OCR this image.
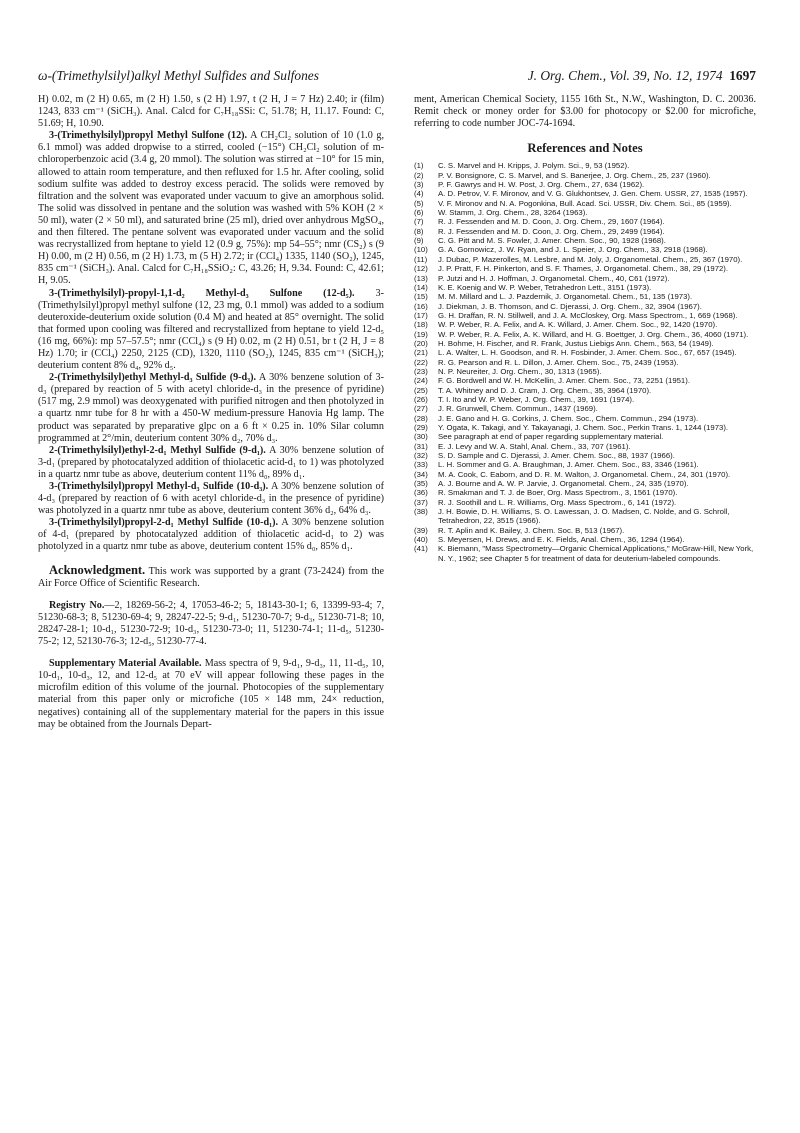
ω-(Trimethylsilyl)alkyl Methyl Sulfides and Sulfones	J. Org. Chem., Vol. 39, No. 12, 1974 1697

H) 0.02, m (2 H) 0.65, m (2 H) 1.50, s (2 H) 1.97, t (2 H, J = 7 Hz) 2.40; ir (film) 1243, 833 cm⁻¹ (SiCH₃). Anal. Calcd for C₇H₁₈SSi: C, 51.78; H, 11.17. Found: C, 51.69; H, 10.90.

3-(Trimethylsilyl)propyl Methyl Sulfone (12). A CH₂Cl₂ solution of 10 (1.0 g, 6.1 mmol) was added dropwise to a stirred, cooled (−15°) CH₂Cl₂ solution of m-chloroperbenzoic acid (3.4 g, 20 mmol). The solution was stirred at −10° for 15 min, allowed to attain room temperature, and then refluxed for 1.5 hr. After cooling, solid sodium sulfite was added to destroy excess peracid. The solids were removed by filtration and the solvent was evaporated under vacuum to give an amorphous solid. The solid was dissolved in pentane and the solution was washed with 5% KOH (2 × 50 ml), water (2 × 50 ml), and saturated brine (25 ml), dried over anhydrous MgSO₄, and then filtered. The pentane solvent was evaporated under vacuum and the solid was recrystallized from heptane to yield 12 (0.9 g, 75%): mp 54–55°; nmr (CS₂) s (9 H) 0.00, m (2 H) 0.56, m (2 H) 1.73, m (5 H) 2.72; ir (CCl₄) 1335, 1140 (SO₂), 1245, 835 cm⁻¹ (SiCH₃). Anal. Calcd for C₇H₁₈SSiO₂: C, 43.26; H, 9.34. Found: C, 42.61; H, 9.05.

3-(Trimethylsilyl)-propyl-1,1-d₂ Methyl-d₃ Sulfone (12-d₅). 3-(Trimethylsilyl)propyl methyl sulfone (12, 23 mg, 0.1 mmol) was added to a sodium deuteroxide-deuterium oxide solution (0.4 M) and heated at 85° overnight. The solid that formed upon cooling was filtered and recrystallized from heptane to yield 12-d₅ (16 mg, 66%): mp 57–57.5°; nmr (CCl₄) s (9 H) 0.02, m (2 H) 0.51, br t (2 H, J = 8 Hz) 1.70; ir (CCl₄) 2250, 2125 (CD), 1320, 1110 (SO₂), 1245, 835 cm⁻¹ (SiCH₃); deuterium content 8% d₄, 92% d₅.

2-(Trimethylsilyl)ethyl Methyl-d₃ Sulfide (9-d₃). A 30% benzene solution of 3-d₃ (prepared by reaction of 5 with acetyl chloride-d₃ in the presence of pyridine) (517 mg, 2.9 mmol) was deoxygenated with purified nitrogen and then photolyzed in a quartz nmr tube for 8 hr with a 450-W medium-pressure Hanovia Hg lamp. The product was separated by preparative glpc on a 6 ft × 0.25 in. 10% Silar column programmed at 2°/min, deuterium content 30% d₂, 70% d₃.

2-(Trimethylsilyl)ethyl-2-d₁ Methyl Sulfide (9-d₁). A 30% benzene solution of 3-d₁ (prepared by photocatalyzed addition of thiolacetic acid-d₁ to 1) was photolyzed in a quartz nmr tube as above, deuterium content 11% d₀, 89% d₁.

3-(Trimethylsilyl)propyl Methyl-d₃ Sulfide (10-d₃). A 30% benzene solution of 4-d₃ (prepared by reaction of 6 with acetyl chloride-d₃ in the presence of pyridine) was photolyzed in a quartz nmr tube as above, deuterium content 36% d₂, 64% d₃.

3-(Trimethylsilyl)propyl-2-d₁ Methyl Sulfide (10-d₁). A 30% benzene solution of 4-d₁ (prepared by photocatalyzed addition of thiolacetic acid-d₁ to 2) was photolyzed in a quartz nmr tube as above, deuterium content 15% d₀, 85% d₁.

Acknowledgment. This work was supported by a grant (73-2424) from the Air Force Office of Scientific Research.

Registry No.—2, 18269-56-2; 4, 17053-46-2; 5, 18143-30-1; 6, 13399-93-4; 7, 51230-68-3; 8, 51230-69-4; 9, 28247-22-5; 9-d₁, 51230-70-7; 9-d₃, 51230-71-8; 10, 28247-28-1; 10-d₁, 51230-72-9; 10-d₃, 51230-73-0; 11, 51230-74-1; 11-d₅, 51230-75-2; 12, 52130-76-3; 12-d₅, 51230-77-4.

Supplementary Material Available. Mass spectra of 9, 9-d₁, 9-d₃, 11, 11-d₅, 10, 10-d₁, 10-d₃, 12, and 12-d₅ at 70 eV will appear following these pages in the microfilm edition of this volume of the journal. Photocopies of the supplementary material from this paper only or microfiche (105 × 148 mm, 24× reduction, negatives) containing all of the supplementary material for the papers in this issue may be obtained from the Journals Depart-

ment, American Chemical Society, 1155 16th St., N.W., Washington, D. C. 20036. Remit check or money order for $3.00 for photocopy or $2.00 for microfiche, referring to code number JOC-74-1694.

References and Notes
(1)	C. S. Marvel and H. Kripps, J. Polym. Sci., 9, 53 (1952).
(2)	P. V. Bonsignore, C. S. Marvel, and S. Banerjee, J. Org. Chem., 25, 237 (1960).
(3)	P. F. Gawrys and H. W. Post, J. Org. Chem., 27, 634 (1962).
(4)	A. D. Petrov, V. F. Mironov, and V. G. Glukhontsev, J. Gen. Chem. USSR, 27, 1535 (1957).
(5)	V. F. Mironov and N. A. Pogonkina, Bull. Acad. Sci. USSR, Div. Chem. Sci., 85 (1959).
(6)	W. Stamm, J. Org. Chem., 28, 3264 (1963).
(7)	R. J. Fessenden and M. D. Coon, J. Org. Chem., 29, 1607 (1964).
(8)	R. J. Fessenden and M. D. Coon, J. Org. Chem., 29, 2499 (1964).
(9)	C. G. Pitt and M. S. Fowler, J. Amer. Chem. Soc., 90, 1928 (1968).
(10)	G. A. Gornowicz, J. W. Ryan, and J. L. Speier, J. Org. Chem., 33, 2918 (1968).
(11)	J. Dubac, P. Mazerolles, M. Lesbre, and M. Joly, J. Organometal. Chem., 25, 367 (1970).
(12)	J. P. Pratt, F. H. Pinkerton, and S. F. Thames, J. Organometal. Chem., 38, 29 (1972).
(13)	P. Jutzi and H. J. Hoffman, J. Organometal. Chem., 40, C61 (1972).
(14)	K. E. Koenig and W. P. Weber, Tetrahedron Lett., 3151 (1973).
(15)	M. M. Millard and L. J. Pazdernik, J. Organometal. Chem., 51, 135 (1973).
(16)	J. Diekman, J. B. Thomson, and C. Djerassi, J. Org. Chem., 32, 3904 (1967).
(17)	G. H. Draffan, R. N. Stillwell, and J. A. McCloskey, Org. Mass Spectrom., 1, 669 (1968).
(18)	W. P. Weber, R. A. Felix, and A. K. Willard, J. Amer. Chem. Soc., 92, 1420 (1970).
(19)	W. P. Weber, R. A. Felix, A. K. Willard, and H. G. Boettger, J. Org. Chem., 36, 4060 (1971).
(20)	H. Bohme, H. Fischer, and R. Frank, Justus Liebigs Ann. Chem., 563, 54 (1949).
(21)	L. A. Walter, L. H. Goodson, and R. H. Fosbinder, J. Amer. Chem. Soc., 67, 657 (1945).
(22)	R. G. Pearson and R. L. Dillon, J. Amer. Chem. Soc., 75, 2439 (1953).
(23)	N. P. Neureiter, J. Org. Chem., 30, 1313 (1965).
(24)	F. G. Bordwell and W. H. McKellin, J. Amer. Chem. Soc., 73, 2251 (1951).
(25)	T. A. Whitney and D. J. Cram, J. Org. Chem., 35, 3964 (1970).
(26)	T. I. Ito and W. P. Weber, J. Org. Chem., 39, 1691 (1974).
(27)	J. R. Grunwell, Chem. Commun., 1437 (1969).
(28)	J. E. Gano and H. G. Corkins, J. Chem. Soc., Chem. Commun., 294 (1973).
(29)	Y. Ogata, K. Takagi, and Y. Takayanagi, J. Chem. Soc., Perkin Trans. 1, 1244 (1973).
(30)	See paragraph at end of paper regarding supplementary material.
(31)	E. J. Levy and W. A. Stahl, Anal. Chem., 33, 707 (1961).
(32)	S. D. Sample and C. Djerassi, J. Amer. Chem. Soc., 88, 1937 (1966).
(33)	L. H. Sommer and G. A. Braughman, J. Amer. Chem. Soc., 83, 3346 (1961).
(34)	M. A. Cook, C. Eaborn, and D. R. M. Walton, J. Organometal. Chem., 24, 301 (1970).
(35)	A. J. Bourne and A. W. P. Jarvie, J. Organometal. Chem., 24, 335 (1970).
(36)	R. Smakman and T. J. de Boer, Org. Mass Spectrom., 3, 1561 (1970).
(37)	R. J. Soothill and L. R. Williams, Org. Mass Spectrom., 6, 141 (1972).
(38)	J. H. Bowie, D. H. Williams, S. O. Lawessan, J. O. Madsen, C. Nolde, and G. Schroll, Tetrahedron, 22, 3515 (1966).
(39)	R. T. Aplin and K. Bailey, J. Chem. Soc. B, 513 (1967).
(40)	S. Meyersen, H. Drews, and E. K. Fields, Anal. Chem., 36, 1294 (1964).
(41)	K. Biemann, "Mass Spectrometry—Organic Chemical Applications," McGraw-Hill, New York, N. Y., 1962; see Chapter 5 for treatment of data for deuterium-labeled compounds.
